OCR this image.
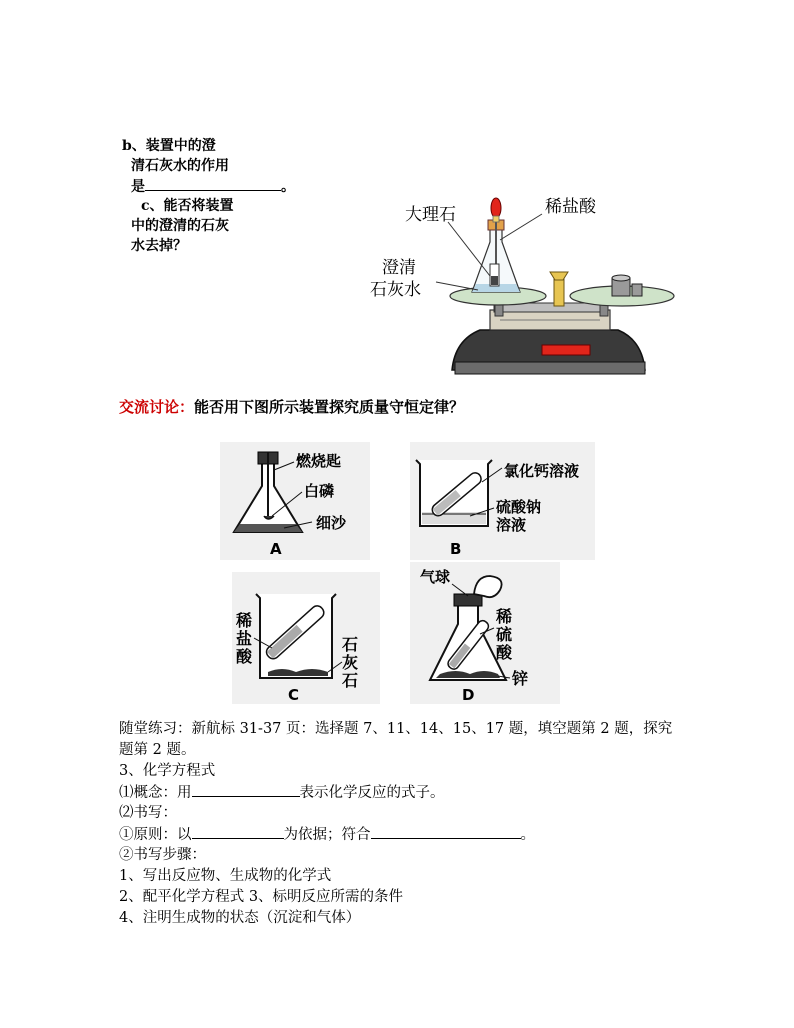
b、装置中的澄
清石灰水的作用
是	。
c、能否将装置
中的澄清的石灰
水去掉？
大理石	稀盐酸
澄清
石灰水
交流讨论：能否用下图所示装置探究质量守恒定律？
燃烧匙
白磷
细沙
A
氯化钙溶液
硫酸钠
溶液
B
稀
盐
酸
石
灰
石
C
气球
稀
硫
酸
锌
D
随堂练习：新航标 31-37 页：选择题 7、11、14、15、17 题，填空题第 2 题，探究
题第 2 题。
3、化学方程式
⑴概念：用	表示化学反应的式子。
⑵书写：
①原则：以	为依据；符合	。
②书写步骤：
1、写出反应物、生成物的化学式
2、配平化学方程式 3、标明反应所需的条件
4、注明生成物的状态（沉淀和气体）
